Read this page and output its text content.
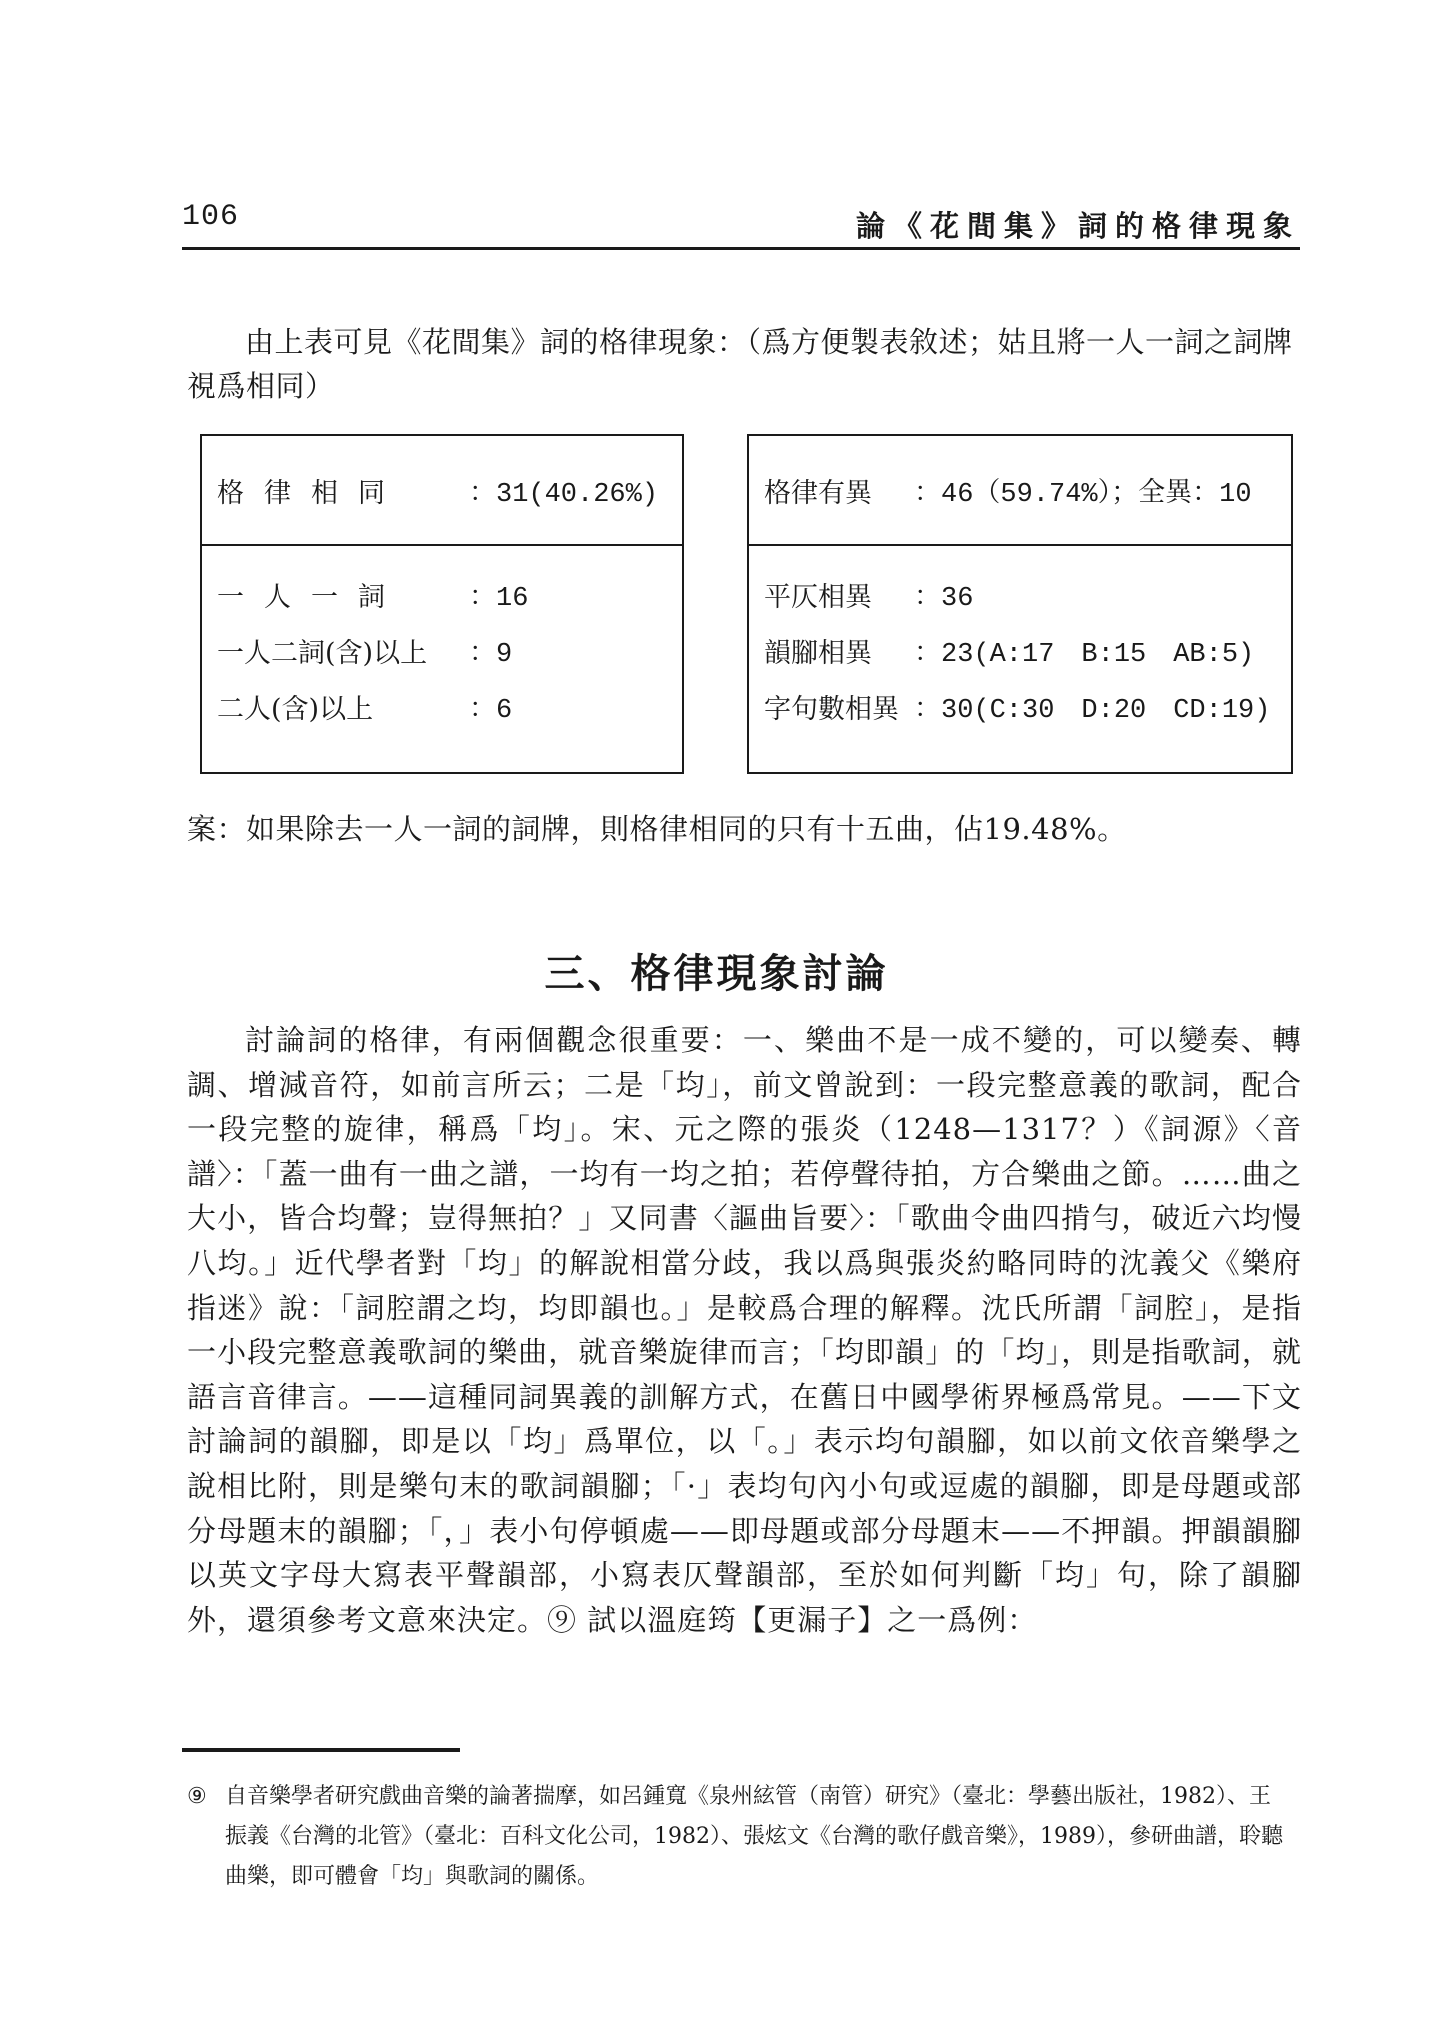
106	論《花間集》詞的格律現象

由上表可見《花間集》詞的格律現象：（爲方便製表敘述；姑且將一人一詞之詞牌視爲相同）

格律相同	：31(40.26%)
一人一詞	：16
一人二詞(含)以上	：9
二人(含)以上	：6
格律有異	：46（59.74%）；全異：10
平仄相異	：36
韻腳相異	：23(A:17　B:15　AB:5)
字句數相異 ：30(C:30　D:20　CD:19)

案：如果除去一人一詞的詞牌，則格律相同的只有十五曲，佔19.48%。

三、格律現象討論

討論詞的格律，有兩個觀念很重要：一、樂曲不是一成不變的，可以變奏、轉調、增減音符，如前言所云；二是「均」，前文曾說到：一段完整意義的歌詞，配合一段完整的旋律，稱爲「均」。宋、元之際的張炎（1248—1317？）《詞源》〈音譜〉：「蓋一曲有一曲之譜，一均有一均之拍；若停聲待拍，方合樂曲之節。……曲之大小，皆合均聲；豈得無拍？」又同書〈謳曲旨要〉：「歌曲令曲四掯勻，破近六均慢八均。」近代學者對「均」的解說相當分歧，我以爲與張炎約略同時的沈義父《樂府指迷》說：「詞腔謂之均，均即韻也。」是較爲合理的解釋。沈氏所謂「詞腔」，是指一小段完整意義歌詞的樂曲，就音樂旋律而言；「均即韻」的「均」，則是指歌詞，就語言音律言。——這種同詞異義的訓解方式，在舊日中國學術界極爲常見。——下文討論詞的韻腳，即是以「均」爲單位，以「。」表示均句韻腳，如以前文依音樂學之說相比附，則是樂句末的歌詞韻腳；「·」表均句內小句或逗處的韻腳，即是母題或部分母題末的韻腳；「，」表小句停頓處——即母題或部分母題末——不押韻。押韻韻腳以英文字母大寫表平聲韻部，小寫表仄聲韻部，至於如何判斷「均」句，除了韻腳外，還須參考文意來決定。⑨ 試以溫庭筠【更漏子】之一爲例：

⑨ 自音樂學者研究戲曲音樂的論著揣摩，如呂鍾寬《泉州絃管（南管）研究》（臺北：學藝出版社，1982）、王振義《台灣的北管》（臺北：百科文化公司，1982）、張炫文《台灣的歌仔戲音樂》，1989），參研曲譜，聆聽曲樂，即可體會「均」與歌詞的關係。
